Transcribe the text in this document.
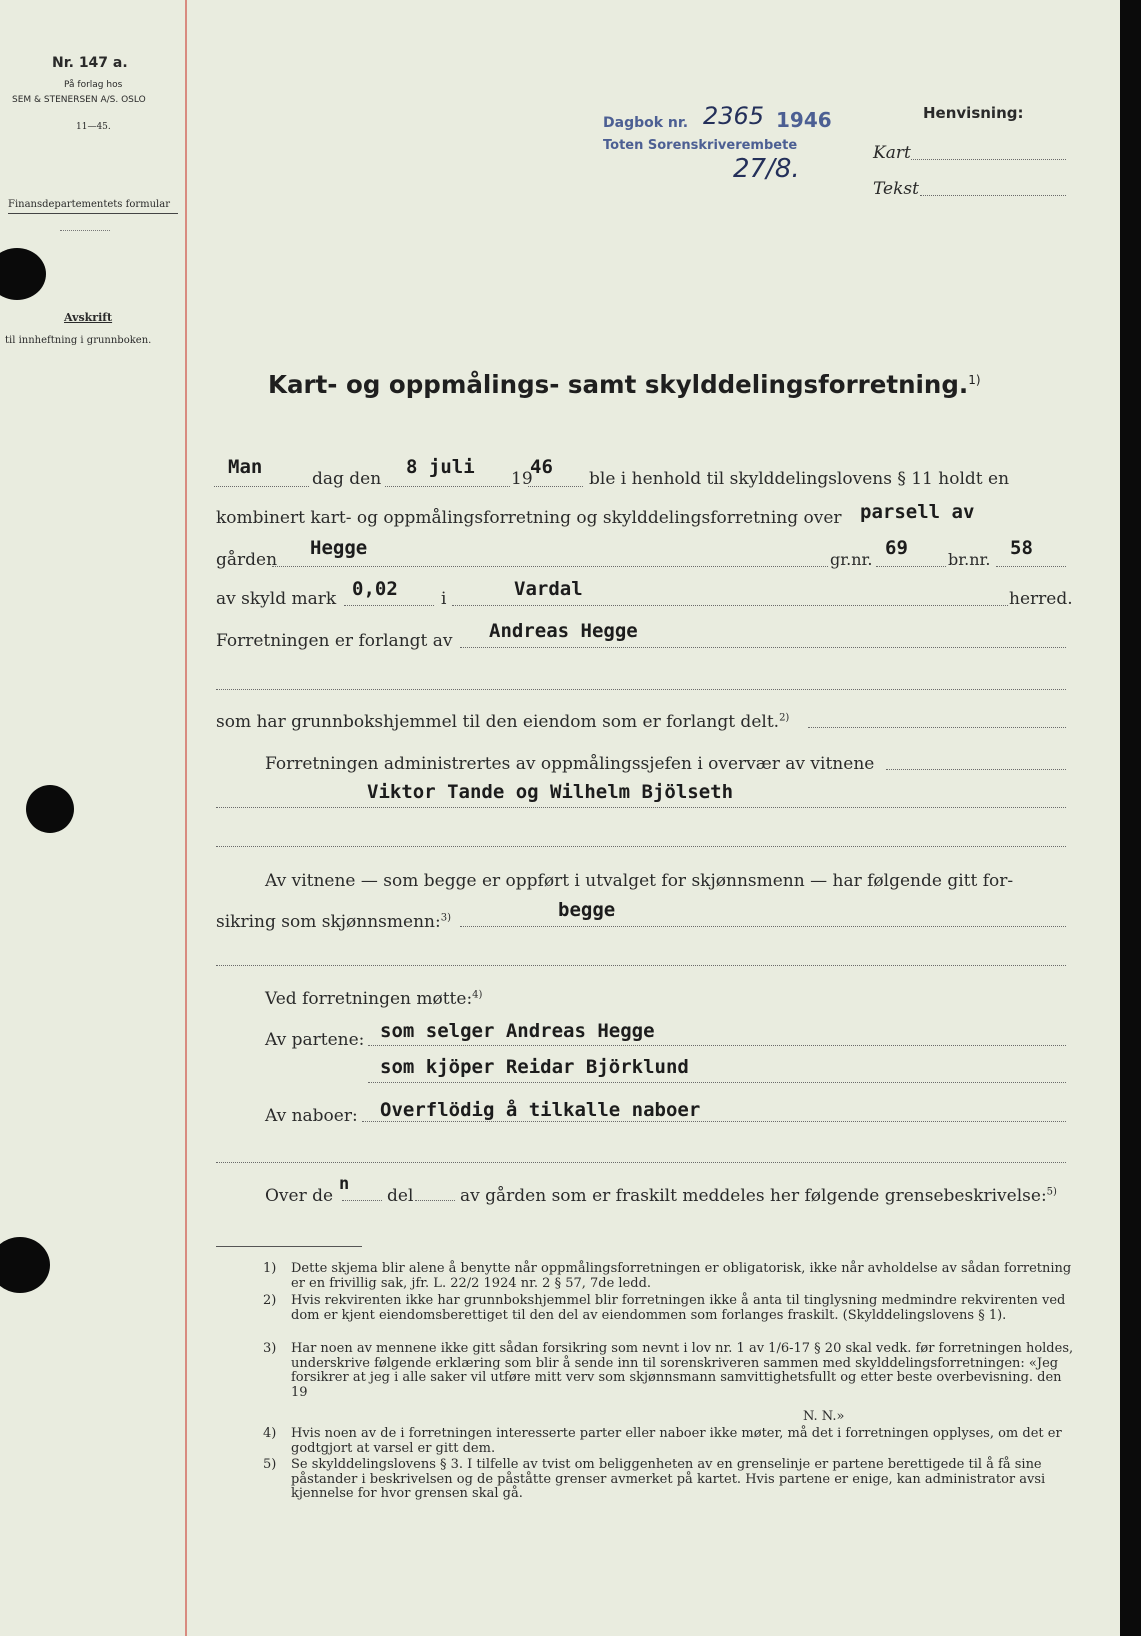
Nr. 147 a.
På forlag hos
SEM & STENERSEN A/S. OSLO
11—45.
Finansdepartementets formular
Avskrift
til innheftning i grunnboken.
Dagbok nr. 2365 1946
Toten Sorenskriverembete
27/8.
Henvisning:
Kart
Tekst
Kart- og oppmålings- samt skylddelingsforretning.$^{1)}$
Man
dag den
8 juli
19
46
ble i henhold til skylddelingslovens § 11 holdt en
kombinert kart- og oppmålingsforretning og skylddelingsforretning over parsell av
gården
Hegge
gr.nr.
69
br.nr.
58
av skyld mark 0,02	i	Vardal	herred.
Forretningen er forlangt av Andreas Hegge
som har grunnbokshjemmel til den eiendom som er forlangt delt.$^{2)}$
Forretningen administrertes av oppmålingssjefen i overvær av vitnene
Viktor Tande og Wilhelm Bjölseth
Av vitnene — som begge er oppført i utvalget for skjønnsmenn — har følgende gitt for-
sikring som skjønnsmenn:$^{3)}$	begge
Ved forretningen møtte:$^{4)}$
Av partene: som selger Andreas Hegge
som kjöper Reidar Björklund
Av naboer: Overflödig å tilkalle naboer
Over de
n
del	av gården som er fraskilt meddeles her følgende grensebeskrivelse:$^{5)}$
1) Dette skjema blir alene å benytte når oppmålingsforretningen er obligatorisk, ikke når avholdelse av sådan forretning er en frivillig sak, jfr. L. 22/2 1924 nr. 2 § 57, 7de ledd.
2) Hvis rekvirenten ikke har grunnbokshjemmel blir forretningen ikke å anta til tinglysning medmindre rekvirenten ved dom er kjent eiendomsberettiget til den del av eiendommen som forlanges fraskilt. (Skylddelingslovens § 1).
3) Har noen av mennene ikke gitt sådan forsikring som nevnt i lov nr. 1 av 1/6-17 § 20 skal vedk. før forretningen holdes, underskrive følgende erklæring som blir å sende inn til sorenskriveren sammen med skylddelingsforretningen: «Jeg forsikrer at jeg i alle saker vil utføre mitt verv som skjønnsmann samvittighetsfullt og etter beste overbevisning. den 19
N. N.»
4) Hvis noen av de i forretningen interesserte parter eller naboer ikke møter, må det i forretningen opplyses, om det er godtgjort at varsel er gitt dem.
5) Se skylddelingslovens § 3. I tilfelle av tvist om beliggenheten av en grenselinje er partene berettigede til å få sine påstander i beskrivelsen og de påståtte grenser avmerket på kartet. Hvis partene er enige, kan administrator avsi kjennelse for hvor grensen skal gå.
